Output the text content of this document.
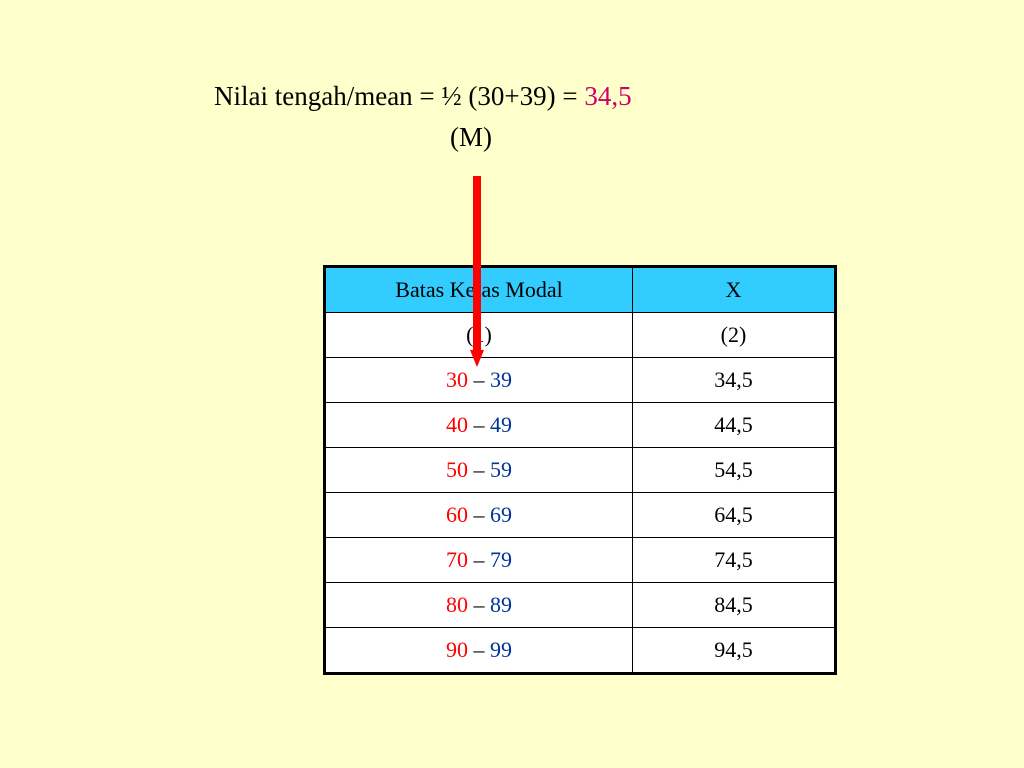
Nilai tengah/mean = ½ (30+39) = 34,5
(M)
Batas Kelas Modal	X
(1)	(2)
30 – 39	34,5
40 – 49	44,5
50 – 59	54,5
60 – 69	64,5
70 – 79	74,5
80 – 89	84,5
90 – 99	94,5
